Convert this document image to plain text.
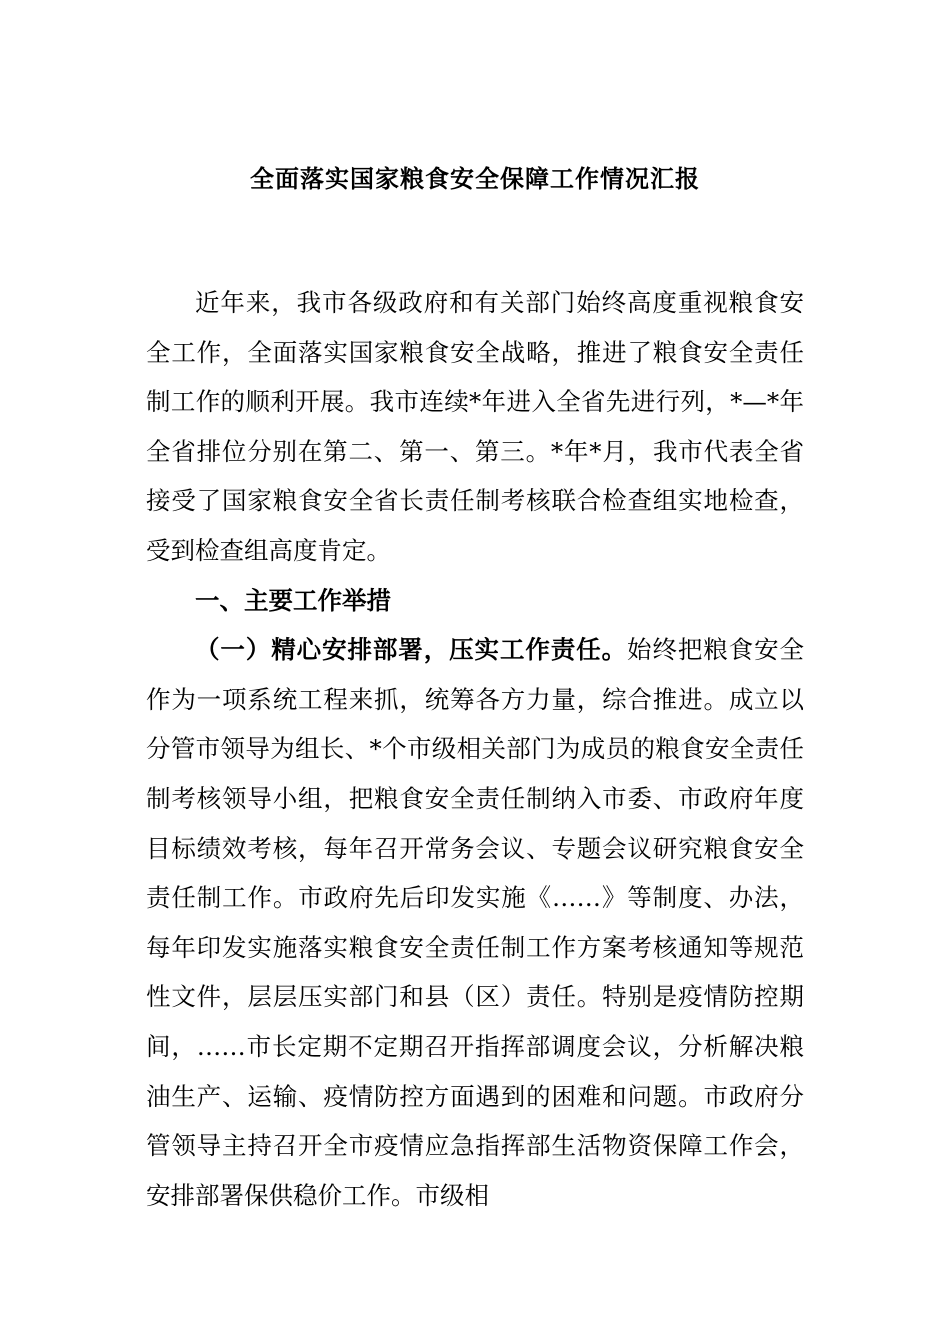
全面落实国家粮食安全保障工作情况汇报

近年来，我市各级政府和有关部门始终高度重视粮食安全工作，全面落实国家粮食安全战略，推进了粮食安全责任制工作的顺利开展。我市连续*年进入全省先进行列，*—*年全省排位分别在第二、第一、第三。*年*月，我市代表全省接受了国家粮食安全省长责任制考核联合检查组实地检查，受到检查组高度肯定。

一、主要工作举措

（一）精心安排部署，压实工作责任。始终把粮食安全作为一项系统工程来抓，统筹各方力量，综合推进。成立以分管市领导为组长、*个市级相关部门为成员的粮食安全责任制考核领导小组，把粮食安全责任制纳入市委、市政府年度目标绩效考核，每年召开常务会议、专题会议研究粮食安全责任制工作。市政府先后印发实施《……》等制度、办法，每年印发实施落实粮食安全责任制工作方案考核通知等规范性文件，层层压实部门和县（区）责任。特别是疫情防控期间，……市长定期不定期召开指挥部调度会议，分析解决粮油生产、运输、疫情防控方面遇到的困难和问题。市政府分管领导主持召开全市疫情应急指挥部生活物资保障工作会，安排部署保供稳价工作。市级相
